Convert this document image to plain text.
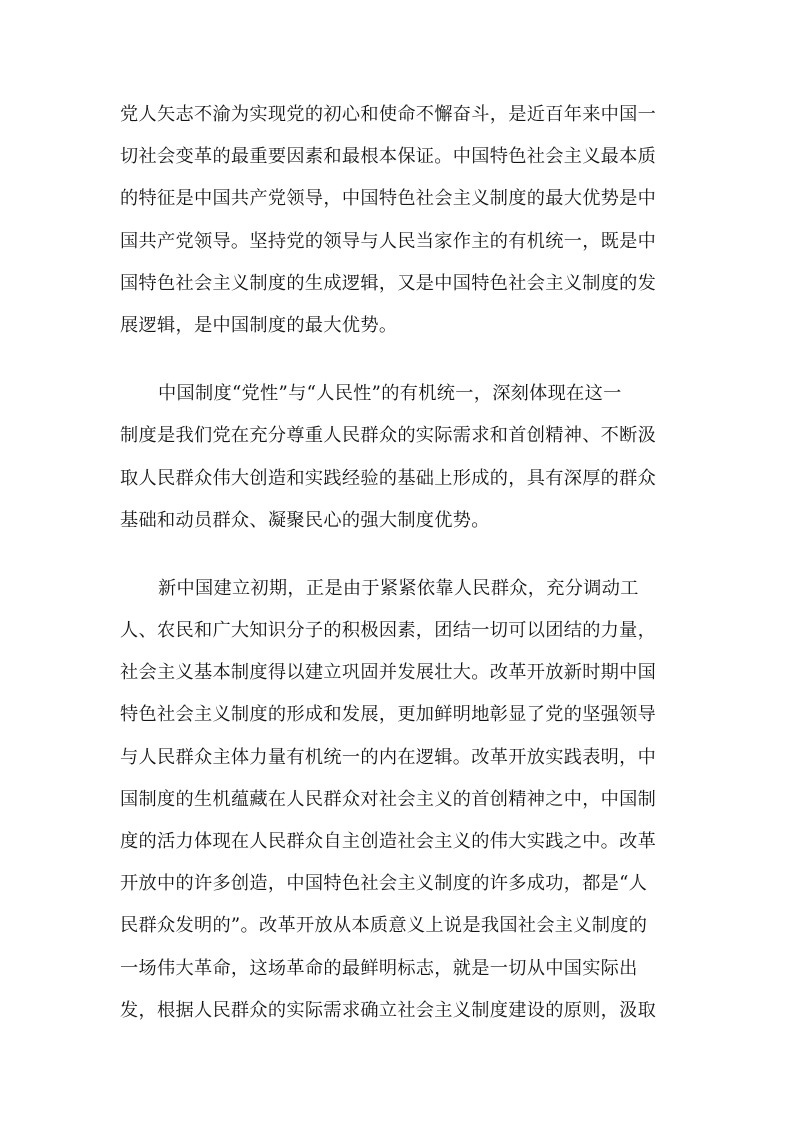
党人矢志不渝为实现党的初心和使命不懈奋斗，是近百年来中国一
切社会变革的最重要因素和最根本保证。中国特色社会主义最本质
的特征是中国共产党领导，中国特色社会主义制度的最大优势是中
国共产党领导。坚持党的领导与人民当家作主的有机统一，既是中
国特色社会主义制度的生成逻辑，又是中国特色社会主义制度的发
展逻辑，是中国制度的最大优势。
中国制度“党性”与“人民性”的有机统一，深刻体现在这一
制度是我们党在充分尊重人民群众的实际需求和首创精神、不断汲
取人民群众伟大创造和实践经验的基础上形成的，具有深厚的群众
基础和动员群众、凝聚民心的强大制度优势。
新中国建立初期，正是由于紧紧依靠人民群众，充分调动工
人、农民和广大知识分子的积极因素，团结一切可以团结的力量，
社会主义基本制度得以建立巩固并发展壮大。改革开放新时期中国
特色社会主义制度的形成和发展，更加鲜明地彰显了党的坚强领导
与人民群众主体力量有机统一的内在逻辑。改革开放实践表明，中
国制度的生机蕴藏在人民群众对社会主义的首创精神之中，中国制
度的活力体现在人民群众自主创造社会主义的伟大实践之中。改革
开放中的许多创造，中国特色社会主义制度的许多成功，都是“人
民群众发明的”。改革开放从本质意义上说是我国社会主义制度的
一场伟大革命，这场革命的最鲜明标志，就是一切从中国实际出
发，根据人民群众的实际需求确立社会主义制度建设的原则，汲取
